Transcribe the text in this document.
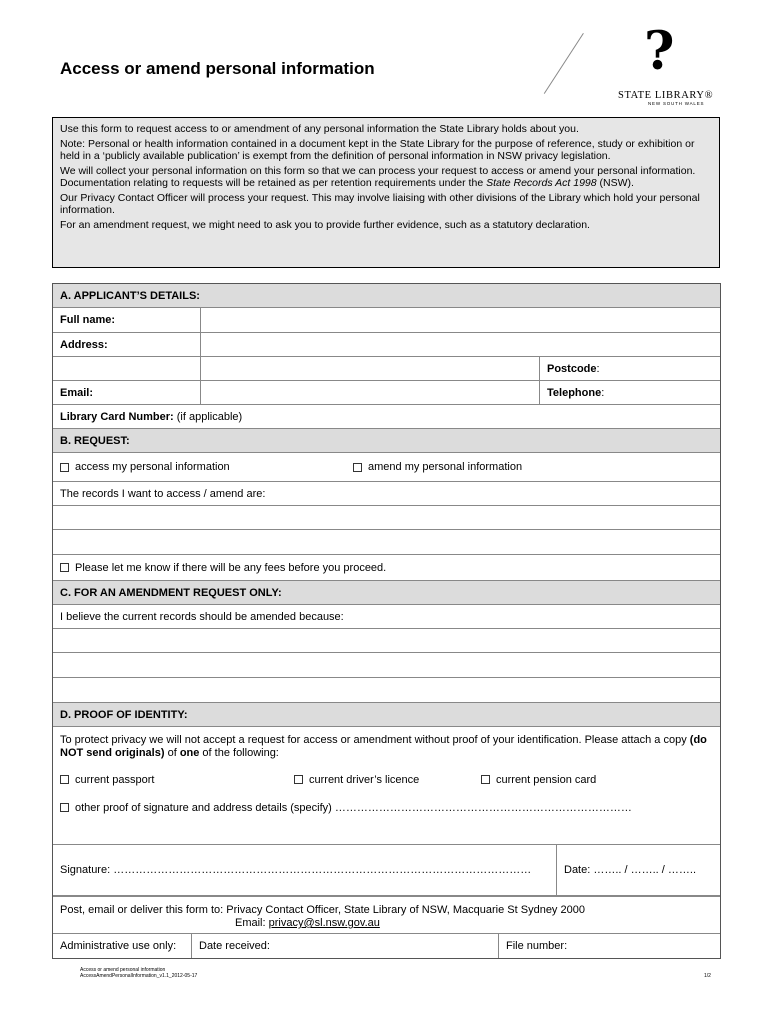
Access or amend personal information	?
STATE LIBRARY®
NEW SOUTH WALES

Use this form to request access to or amendment of any personal information the State Library holds about you.

Note: Personal or health information contained in a document kept in the State Library for the purpose of reference, study or exhibition or held in a ‘publicly available publication’ is exempt from the definition of personal information in NSW privacy legislation.

We will collect your personal information on this form so that we can process your request to access or amend your personal information. Documentation relating to requests will be retained as per retention requirements under the State Records Act 1998 (NSW).

Our Privacy Contact Officer will process your request. This may involve liaising with other divisions of the Library which hold your personal information.

For an amendment request, we might need to ask you to provide further evidence, such as a statutory declaration.

A. APPLICANT’S DETAILS:
Full name:
Address:
Postcode :
Email:	Telephone :
Library Card Number: (if applicable)
B. REQUEST:
access my personal information	amend my personal information
The records I want to access / amend are:
Please let me know if there will be any fees before you proceed.
C. FOR AN AMENDMENT REQUEST ONLY:
I believe the current records should be amended because:
D. PROOF OF IDENTITY:
To protect privacy we will not accept a request for access or amendment without proof of your identification. Please attach a copy (do NOT send originals) of one of the following:
current passport	current driver’s licence	current pension card
other proof of signature and address details (specify) ………………………………………………………………………
Signature: ……………………………………………………………………………………………………	Date: …….. / …….. / ……..
Post, email or deliver this form to: Privacy Contact Officer, State Library of NSW, Macquarie St Sydney 2000
Email: privacy@sl.nsw.gov.au
Administrative use only:	Date received:	File number:
Access or amend personal information
AccessAmendPersonalInformation_v1.1_2012-05-17	1/2
